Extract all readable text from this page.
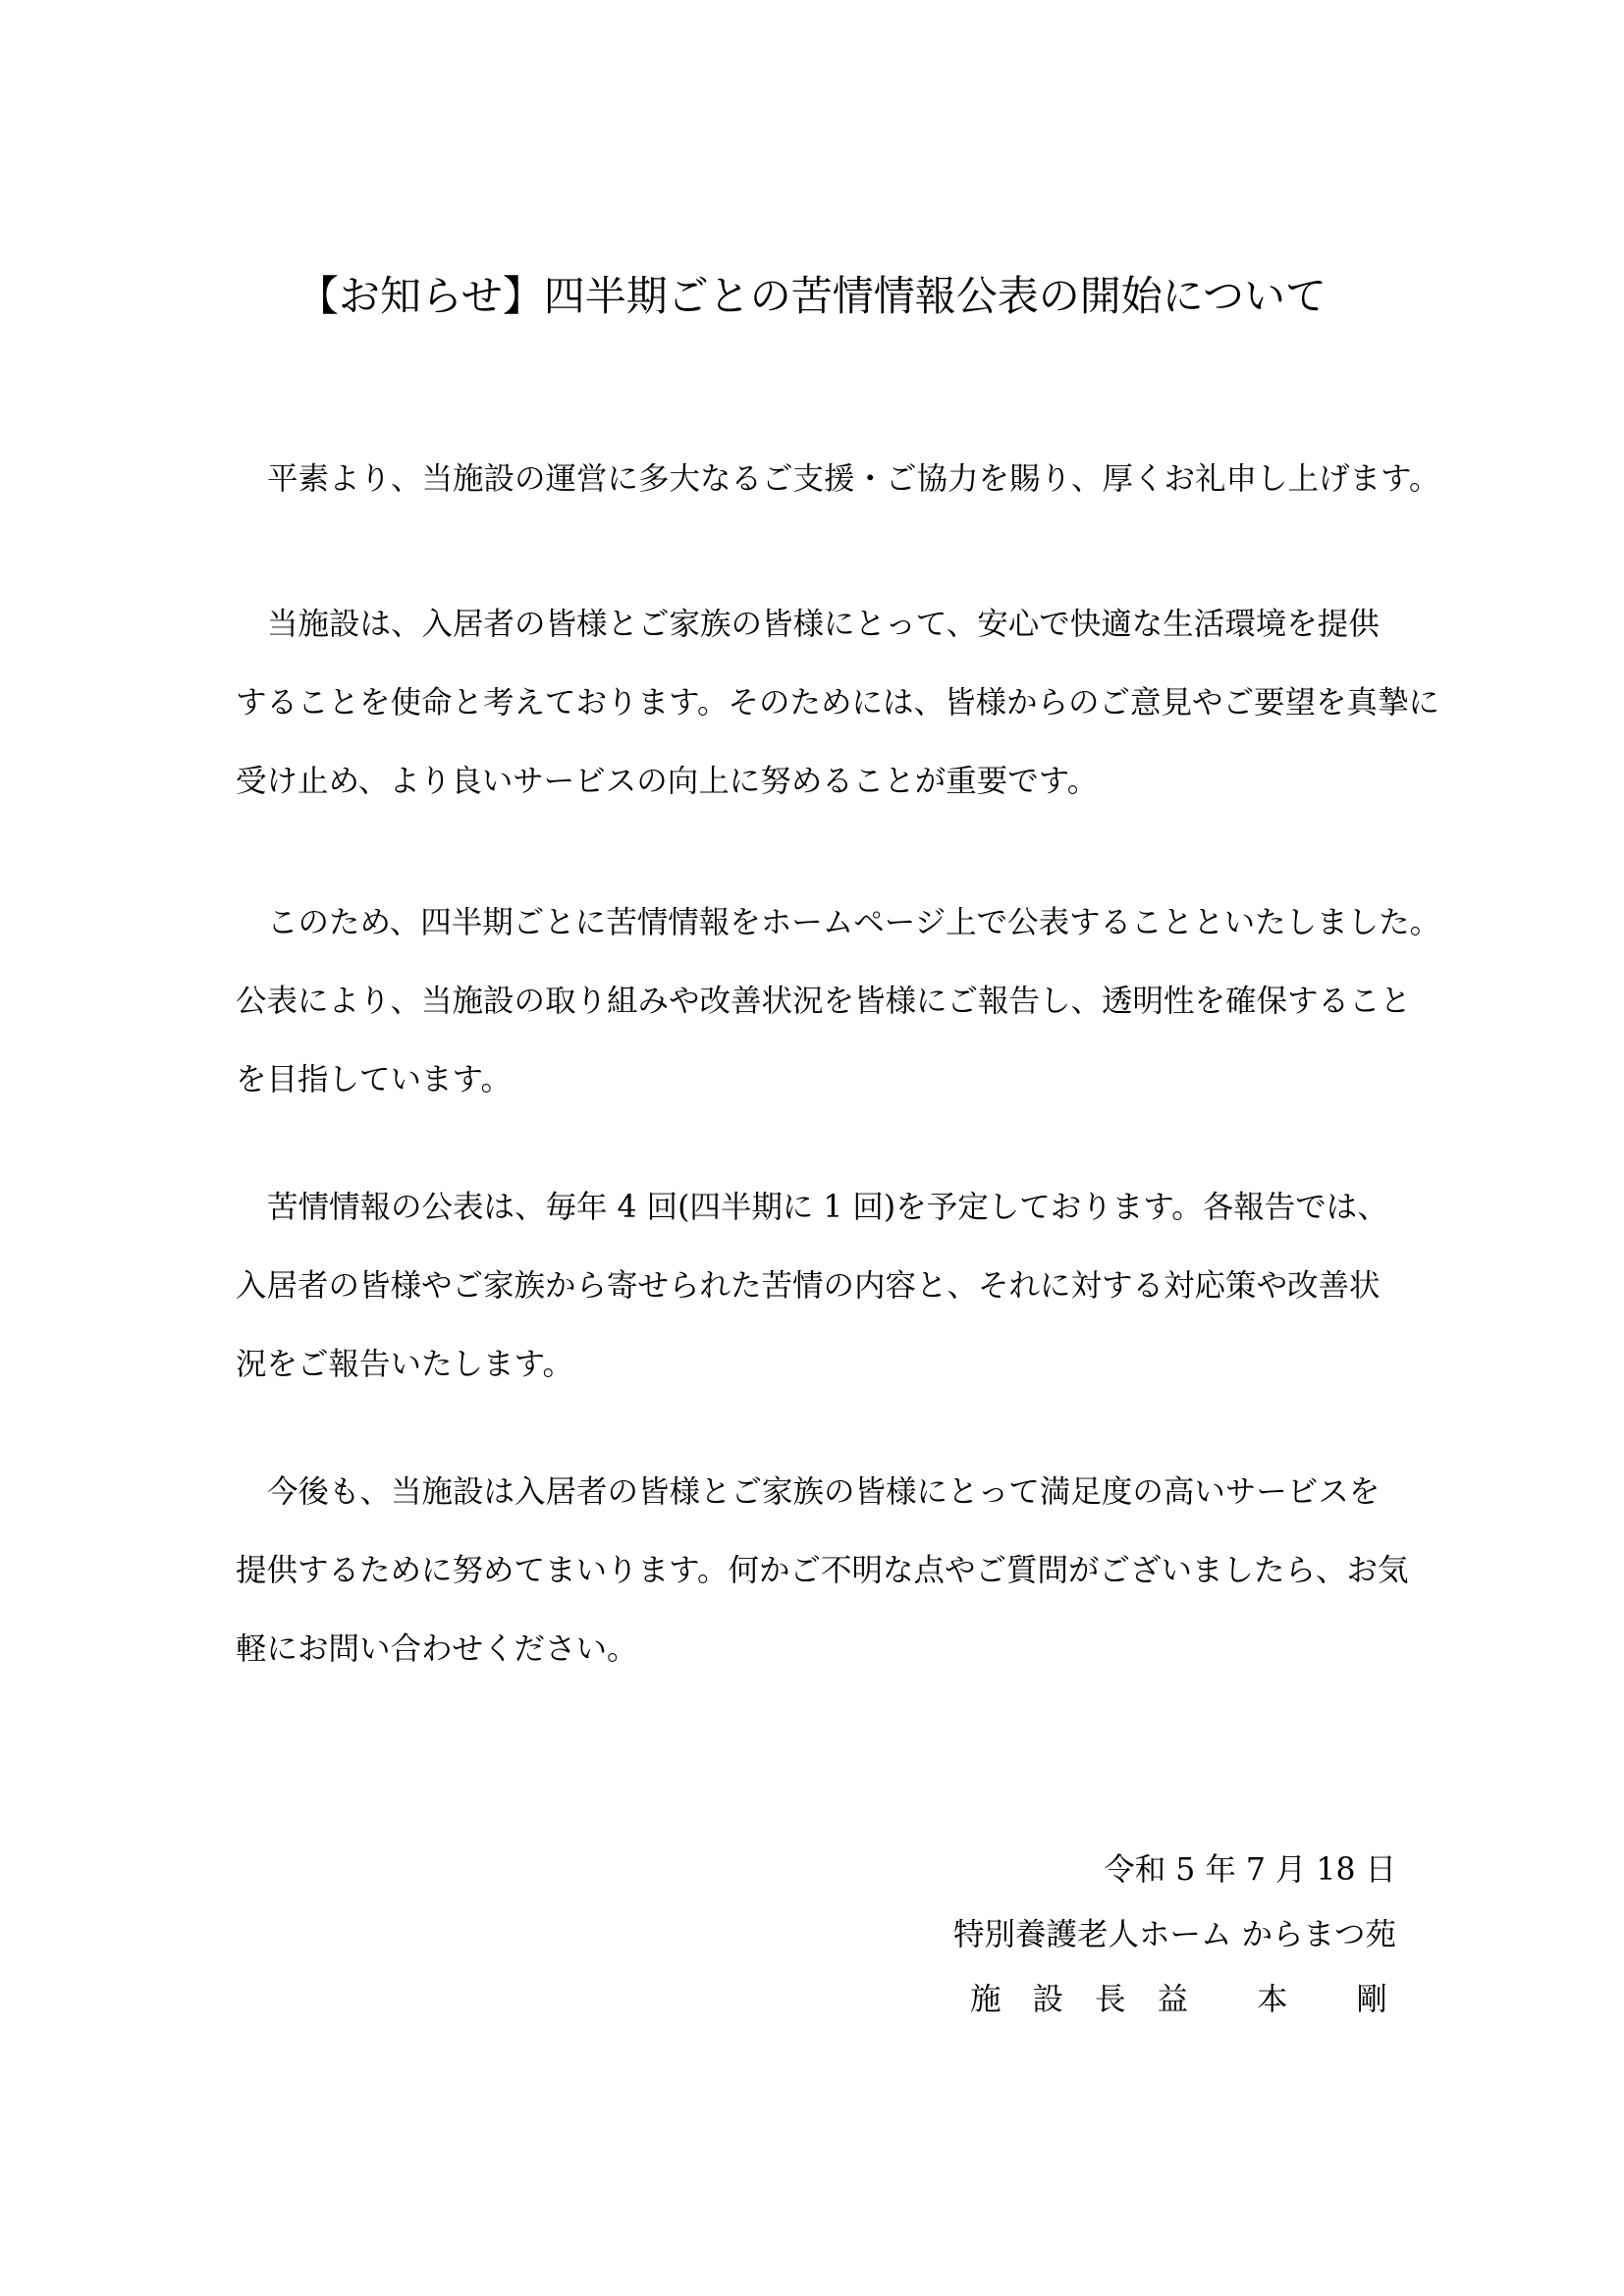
【お知らせ】四半期ごとの苦情情報公表の開始について
平素より、当施設の運営に多大なるご支援・ご協力を賜り、厚くお礼申し上げます。
当施設は、入居者の皆様とご家族の皆様にとって、安心で快適な生活環境を提供
することを使命と考えております。そのためには、皆様からのご意見やご要望を真摯に
受け止め、より良いサービスの向上に努めることが重要です。
このため、四半期ごとに苦情情報をホームページ上で公表することといたしました。
公表により、当施設の取り組みや改善状況を皆様にご報告し、透明性を確保すること
を目指しています。
苦情情報の公表は、毎年 4 回(四半期に 1 回)を予定しております。各報告では、
入居者の皆様やご家族から寄せられた苦情の内容と、それに対する対応策や改善状
況をご報告いたします。
今後も、当施設は入居者の皆様とご家族の皆様にとって満足度の高いサービスを
提供するために努めてまいります。何かご不明な点やご質問がございましたら、お気
軽にお問い合わせください。
令和 5 年 7 月 18 日
特別養護老人ホーム からまつ苑
施設長 益本剛
